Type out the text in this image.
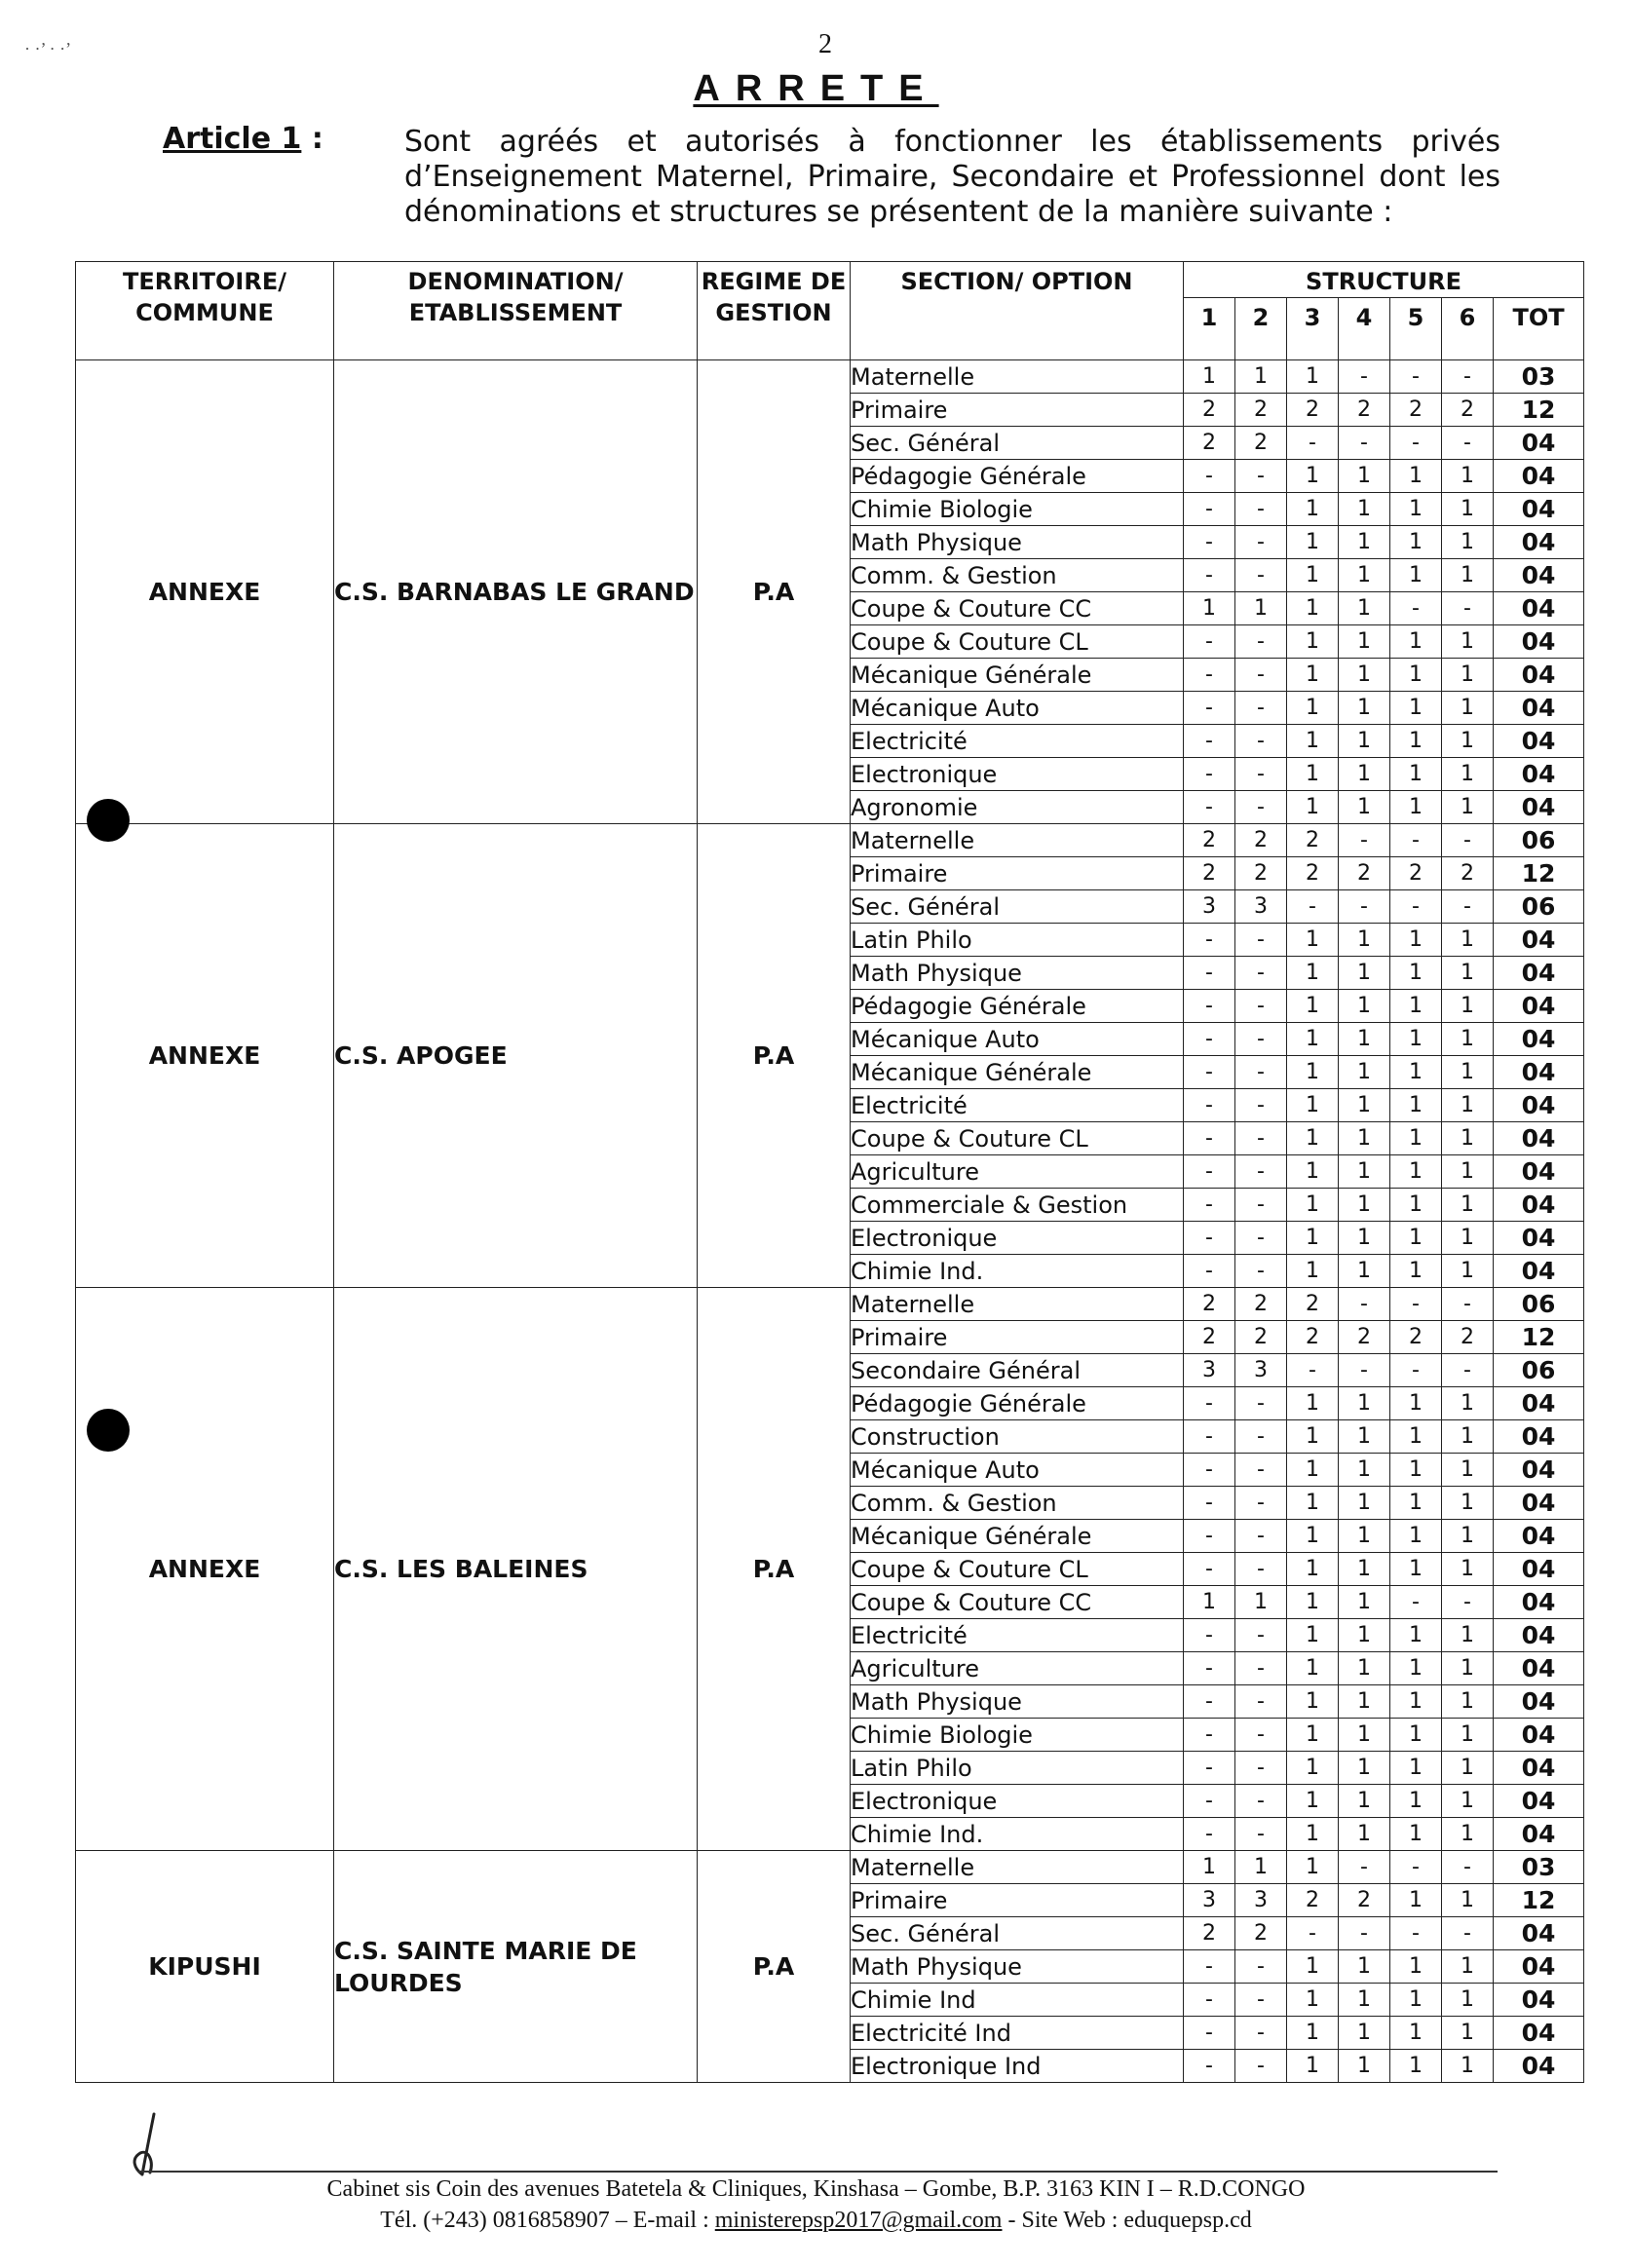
· ·’ · ·’	2
ARRETE
Article 1 :	Sont agréés et autorisés à fonctionner les établissements privés d’Enseignement Maternel, Primaire, Secondaire et Professionnel dont les dénominations et structures se présentent de la manière suivante :
TERRITOIRE/ COMMUNE	DENOMINATION/ ETABLISSEMENT	REGIME DE GESTION	SECTION/ OPTION	STRUCTURE						
				1	2	3	4	5	6	TOT
ANNEXE	C.S. BARNABAS LE GRAND	P.A	Maternelle	1	1	1	-	-	-	03
			Primaire	2	2	2	2	2	2	12
			Sec. Général	2	2	-	-	-	-	04
			Pédagogie Générale	-	-	1	1	1	1	04
			Chimie Biologie	-	-	1	1	1	1	04
			Math Physique	-	-	1	1	1	1	04
			Comm. & Gestion	-	-	1	1	1	1	04
			Coupe & Couture CC	1	1	1	1	-	-	04
			Coupe & Couture CL	-	-	1	1	1	1	04
			Mécanique Générale	-	-	1	1	1	1	04
			Mécanique Auto	-	-	1	1	1	1	04
			Electricité	-	-	1	1	1	1	04
			Electronique	-	-	1	1	1	1	04
			Agronomie	-	-	1	1	1	1	04
ANNEXE	C.S. APOGEE	P.A	Maternelle	2	2	2	-	-	-	06
			Primaire	2	2	2	2	2	2	12
			Sec. Général	3	3	-	-	-	-	06
			Latin Philo	-	-	1	1	1	1	04
			Math Physique	-	-	1	1	1	1	04
			Pédagogie Générale	-	-	1	1	1	1	04
			Mécanique Auto	-	-	1	1	1	1	04
			Mécanique Générale	-	-	1	1	1	1	04
			Electricité	-	-	1	1	1	1	04
			Coupe & Couture CL	-	-	1	1	1	1	04
			Agriculture	-	-	1	1	1	1	04
			Commerciale & Gestion	-	-	1	1	1	1	04
			Electronique	-	-	1	1	1	1	04
			Chimie Ind.	-	-	1	1	1	1	04
ANNEXE	C.S. LES BALEINES	P.A	Maternelle	2	2	2	-	-	-	06
			Primaire	2	2	2	2	2	2	12
			Secondaire Général	3	3	-	-	-	-	06
			Pédagogie Générale	-	-	1	1	1	1	04
			Construction	-	-	1	1	1	1	04
			Mécanique Auto	-	-	1	1	1	1	04
			Comm. & Gestion	-	-	1	1	1	1	04
			Mécanique Générale	-	-	1	1	1	1	04
			Coupe & Couture CL	-	-	1	1	1	1	04
			Coupe & Couture CC	1	1	1	1	-	-	04
			Electricité	-	-	1	1	1	1	04
			Agriculture	-	-	1	1	1	1	04
			Math Physique	-	-	1	1	1	1	04
			Chimie Biologie	-	-	1	1	1	1	04
			Latin Philo	-	-	1	1	1	1	04
			Electronique	-	-	1	1	1	1	04
			Chimie Ind.	-	-	1	1	1	1	04
KIPUSHI	C.S. SAINTE MARIE DE LOURDES	P.A	Maternelle	1	1	1	-	-	-	03
			Primaire	3	3	2	2	1	1	12
			Sec. Général	2	2	-	-	-	-	04
			Math Physique	-	-	1	1	1	1	04
			Chimie Ind	-	-	1	1	1	1	04
			Electricité Ind	-	-	1	1	1	1	04
			Electronique Ind	-	-	1	1	1	1	04
Cabinet sis Coin des avenues Batetela & Cliniques, Kinshasa – Gombe, B.P. 3163 KIN I – R.D.CONGO
Tél. (+243) 0816858907 – E-mail : ministerepsp2017@gmail.com - Site Web : eduquepsp.cd
